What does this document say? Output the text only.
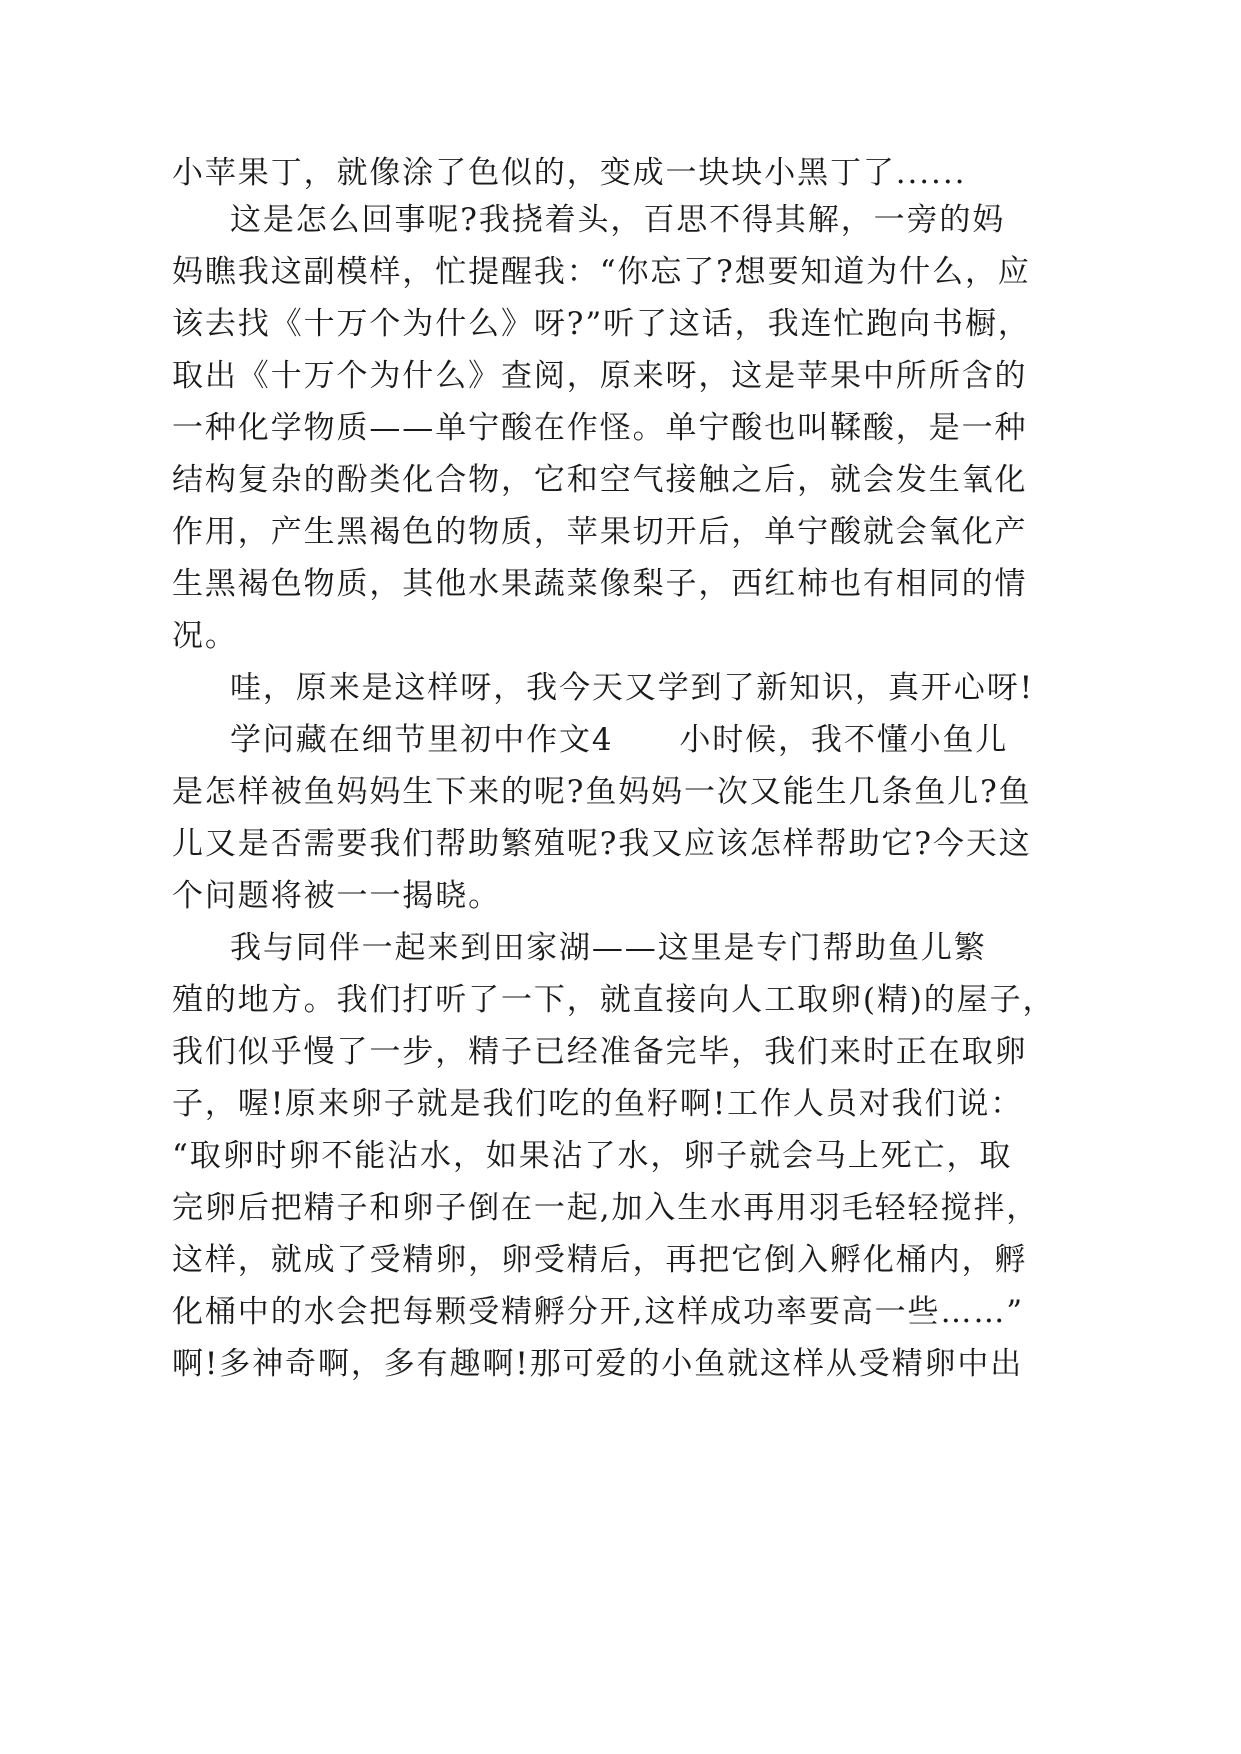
小苹果丁，就像涂了色似的，变成一块块小黑丁了......
这是怎么回事呢?我挠着头，百思不得其解，一旁的妈
妈瞧我这副模样，忙提醒我：“你忘了?想要知道为什么，应
该去找《十万个为什么》呀?”听了这话，我连忙跑向书橱，
取出《十万个为什么》查阅，原来呀，这是苹果中所所含的
一种化学物质——单宁酸在作怪。单宁酸也叫鞣酸，是一种
结构复杂的酚类化合物，它和空气接触之后，就会发生氧化
作用，产生黑褐色的物质，苹果切开后，单宁酸就会氧化产
生黑褐色物质，其他水果蔬菜像梨子，西红柿也有相同的情
况。
哇，原来是这样呀，我今天又学到了新知识，真开心呀!
学问藏在细节里初中作文4　　小时候，我不懂小鱼儿
是怎样被鱼妈妈生下来的呢?鱼妈妈一次又能生几条鱼儿?鱼
儿又是否需要我们帮助繁殖呢?我又应该怎样帮助它?今天这
个问题将被一一揭晓。
我与同伴一起来到田家湖——这里是专门帮助鱼儿繁
殖的地方。我们打听了一下，就直接向人工取卵(精)的屋子，
我们似乎慢了一步，精子已经准备完毕，我们来时正在取卵
子，喔!原来卵子就是我们吃的鱼籽啊!工作人员对我们说：
“取卵时卵不能沾水，如果沾了水，卵子就会马上死亡，取
完卵后把精子和卵子倒在一起,加入生水再用羽毛轻轻搅拌，
这样，就成了受精卵，卵受精后，再把它倒入孵化桶内，孵
化桶中的水会把每颗受精孵分开,这样成功率要高一些……”
啊!多神奇啊，多有趣啊!那可爱的小鱼就这样从受精卵中出
